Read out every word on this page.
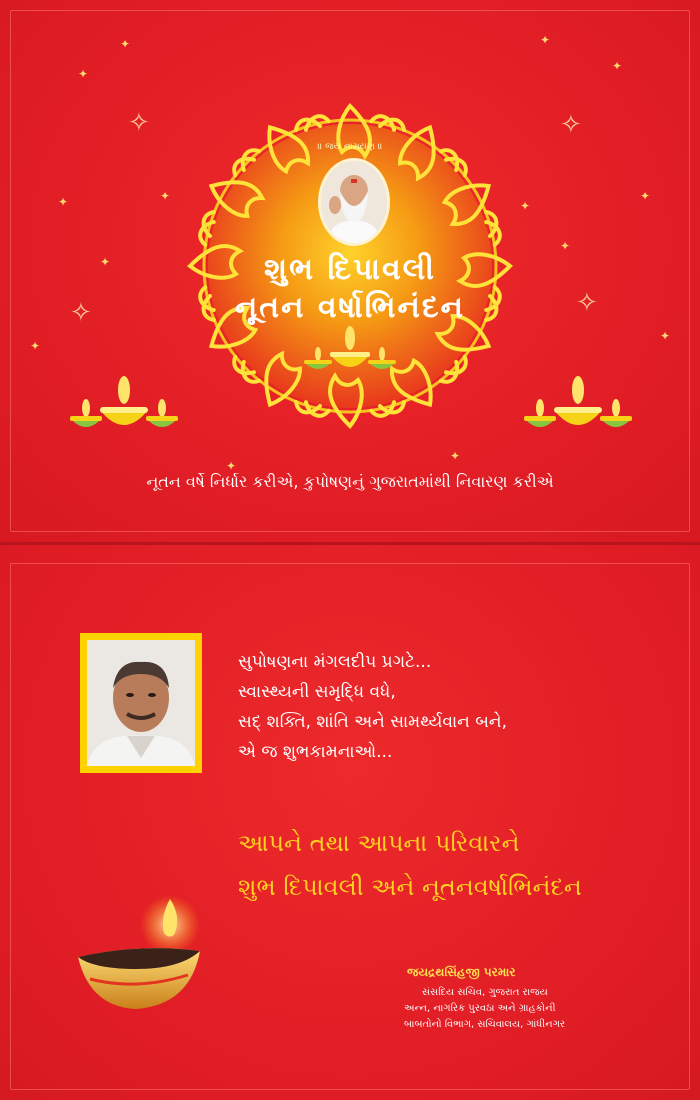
✦
✦
✧
✧
✦
✦
✦
✦
✧
✧
✦
✦
✦
✦
✦
✦
✦
✦
॥ જય નારાયણ ॥
શુભ દિપાવલી
નૂતન વર્ષાભિનંદન
નૂતન વર્ષે નિર્ધાર કરીએ, કુપોષણનું ગુજરાતમાંથી નિવારણ કરીએ
સુપોષણના મંગલદીપ પ્રગટે...
સ્વાસ્થ્યની સમૃદ્ધિ વધે,
સદ્ શક્તિ, શાંતિ અને સામર્થ્યવાન બને,
એ જ શુભકામનાઓ...
આપને તથા આપના પરિવારને
શુભ દિપાવલી અને નૂતનવર્ષાભિનંદન
જયદ્રથસિંહજી પરમાર
સંસદિય સચિવ, ગુજરાત રાજય
અન્ન, નાગરિક પુરવઠા અને ગ્રાહકોની
બાબતોનો વિભાગ, સચિવાલય, ગાંધીનગર
